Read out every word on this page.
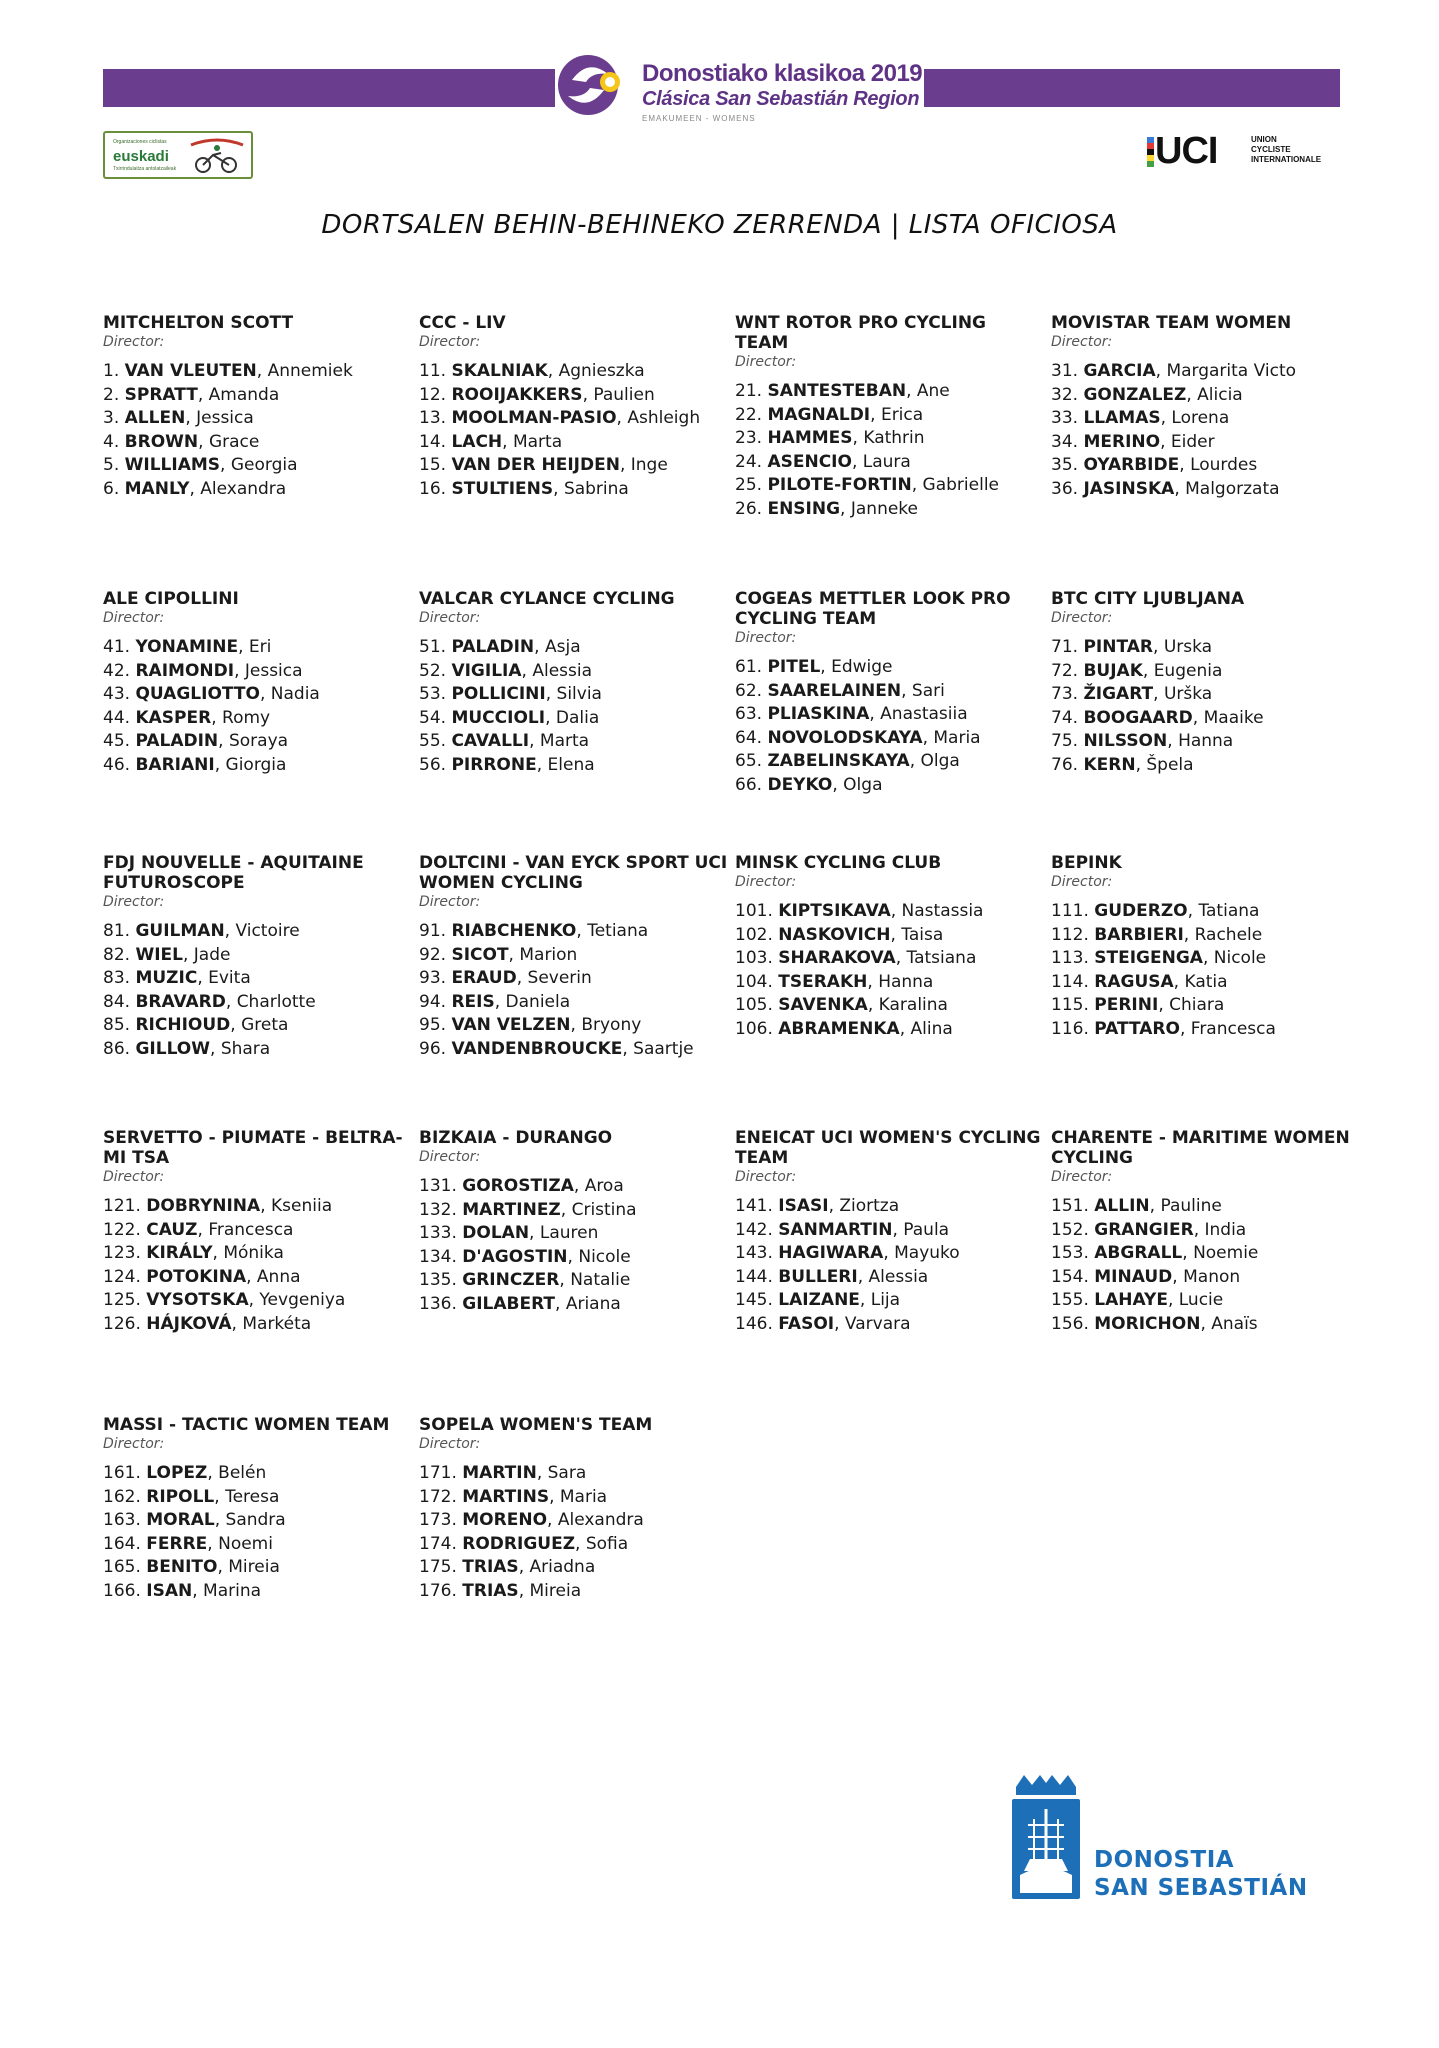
Donostiako klasikoa 2019
Clásica San Sebastián Region
EMAKUMEEN - WOMENS
Organizaciones ciclistas
euskadi
Txirrindulaitza antolatzaileak	UCI	UNION
CYCLISTE
INTERNATIONALE
DORTSALEN BEHIN-BEHINEKO ZERRENDA | LISTA OFICIOSA
MITCHELTON SCOTT
Director:
1. VAN VLEUTEN, Annemiek
2. SPRATT, Amanda
3. ALLEN, Jessica
4. BROWN, Grace
5. WILLIAMS, Georgia
6. MANLY, Alexandra
CCC - LIV
Director:
11. SKALNIAK, Agnieszka
12. ROOIJAKKERS, Paulien
13. MOOLMAN-PASIO, Ashleigh
14. LACH, Marta
15. VAN DER HEIJDEN, Inge
16. STULTIENS, Sabrina
WNT ROTOR PRO CYCLING TEAM
Director:
21. SANTESTEBAN, Ane
22. MAGNALDI, Erica
23. HAMMES, Kathrin
24. ASENCIO, Laura
25. PILOTE-FORTIN, Gabrielle
26. ENSING, Janneke
MOVISTAR TEAM WOMEN
Director:
31. GARCIA, Margarita Victo
32. GONZALEZ, Alicia
33. LLAMAS, Lorena
34. MERINO, Eider
35. OYARBIDE, Lourdes
36. JASINSKA, Malgorzata
ALE CIPOLLINI
Director:
41. YONAMINE, Eri
42. RAIMONDI, Jessica
43. QUAGLIOTTO, Nadia
44. KASPER, Romy
45. PALADIN, Soraya
46. BARIANI, Giorgia
VALCAR CYLANCE CYCLING
Director:
51. PALADIN, Asja
52. VIGILIA, Alessia
53. POLLICINI, Silvia
54. MUCCIOLI, Dalia
55. CAVALLI, Marta
56. PIRRONE, Elena
COGEAS METTLER LOOK PRO CYCLING TEAM
Director:
61. PITEL, Edwige
62. SAARELAINEN, Sari
63. PLIASKINA, Anastasiia
64. NOVOLODSKAYA, Maria
65. ZABELINSKAYA, Olga
66. DEYKO, Olga
BTC CITY LJUBLJANA
Director:
71. PINTAR, Urska
72. BUJAK, Eugenia
73. ŽIGART, Urška
74. BOOGAARD, Maaike
75. NILSSON, Hanna
76. KERN, Špela
FDJ NOUVELLE - AQUITAINE FUTUROSCOPE
Director:
81. GUILMAN, Victoire
82. WIEL, Jade
83. MUZIC, Evita
84. BRAVARD, Charlotte
85. RICHIOUD, Greta
86. GILLOW, Shara
DOLTCINI - VAN EYCK SPORT UCI WOMEN CYCLING
Director:
91. RIABCHENKO, Tetiana
92. SICOT, Marion
93. ERAUD, Severin
94. REIS, Daniela
95. VAN VELZEN, Bryony
96. VANDENBROUCKE, Saartje
MINSK CYCLING CLUB
Director:
101. KIPTSIKAVA, Nastassia
102. NASKOVICH, Taisa
103. SHARAKOVA, Tatsiana
104. TSERAKH, Hanna
105. SAVENKA, Karalina
106. ABRAMENKA, Alina
BEPINK
Director:
111. GUDERZO, Tatiana
112. BARBIERI, Rachele
113. STEIGENGA, Nicole
114. RAGUSA, Katia
115. PERINI, Chiara
116. PATTARO, Francesca
SERVETTO - PIUMATE - BELTRA-MI TSA
Director:
121. DOBRYNINA, Kseniia
122. CAUZ, Francesca
123. KIRÁLY, Mónika
124. POTOKINA, Anna
125. VYSOTSKA, Yevgeniya
126. HÁJKOVÁ, Markéta
BIZKAIA - DURANGO
Director:
131. GOROSTIZA, Aroa
132. MARTINEZ, Cristina
133. DOLAN, Lauren
134. D'AGOSTIN, Nicole
135. GRINCZER, Natalie
136. GILABERT, Ariana
ENEICAT UCI WOMEN'S CYCLING TEAM
Director:
141. ISASI, Ziortza
142. SANMARTIN, Paula
143. HAGIWARA, Mayuko
144. BULLERI, Alessia
145. LAIZANE, Lija
146. FASOI, Varvara
CHARENTE - MARITIME WOMEN CYCLING
Director:
151. ALLIN, Pauline
152. GRANGIER, India
153. ABGRALL, Noemie
154. MINAUD, Manon
155. LAHAYE, Lucie
156. MORICHON, Anaïs
MASSI - TACTIC WOMEN TEAM
Director:
161. LOPEZ, Belén
162. RIPOLL, Teresa
163. MORAL, Sandra
164. FERRE, Noemi
165. BENITO, Mireia
166. ISAN, Marina
SOPELA WOMEN'S TEAM
Director:
171. MARTIN, Sara
172. MARTINS, Maria
173. MORENO, Alexandra
174. RODRIGUEZ, Sofia
175. TRIAS, Ariadna
176. TRIAS, Mireia
DONOSTIA
SAN SEBASTIÁN
